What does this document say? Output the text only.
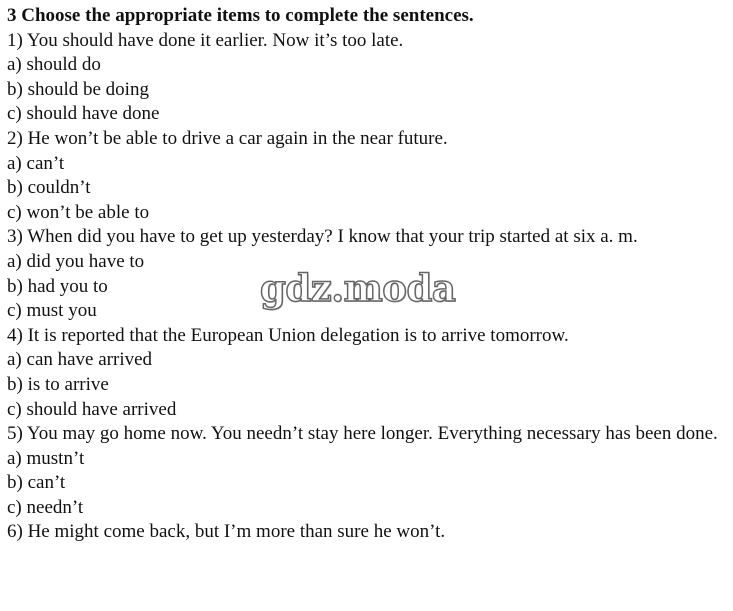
3 Choose the appropriate items to complete the sentences.
1) You should have done it earlier. Now it’s too late.
a) should do
b) should be doing
c) should have done
2) He won’t be able to drive a car again in the near future.
a) can’t
b) couldn’t
c) won’t be able to
3) When did you have to get up yesterday? I know that your trip started at six a. m.
a) did you have to
b) had you to
c) must you
4) It is reported that the European Union delegation is to arrive tomorrow.
a) can have arrived
b) is to arrive
c) should have arrived
5) You may go home now. You needn’t stay here longer. Everything necessary has been done.
a) mustn’t
b) can’t
c) needn’t
6) He might come back, but I’m more than sure he won’t.
gdz.moda
